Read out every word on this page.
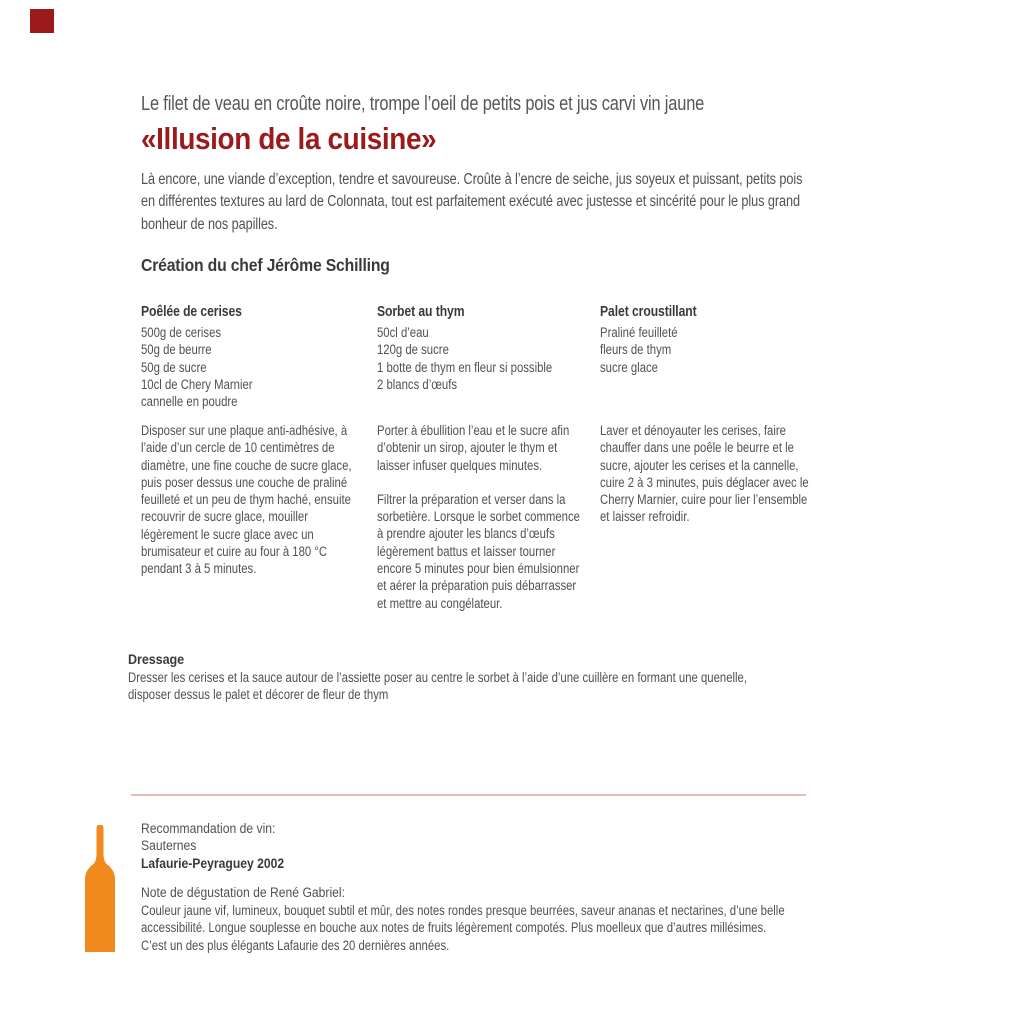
Le filet de veau en croûte noire, trompe l’oeil de petits pois et jus carvi vin jaune
«Illusion de la cuisine»
Là encore, une viande d’exception, tendre et savoureuse. Croûte à l’encre de seiche, jus soyeux et puissant, petits pois
en différentes textures au lard de Colonnata, tout est parfaitement exécuté avec justesse et sincérité pour le plus grand
bonheur de nos papilles.
Création du chef Jérôme Schilling
Poêlée de cerises
500g de cerises
50g de beurre
50g de sucre
10cl de Chery Marnier
cannelle en poudre
Sorbet au thym
50cl d’eau
120g de sucre
1 botte de thym en fleur si possible
2 blancs d’œufs
Palet croustillant
Praliné feuilleté
fleurs de thym
sucre glace

Disposer sur une plaque anti-adhésive, à l’aide d’un cercle de 10 centimètres de diamètre, une fine couche de sucre glace, puis poser dessus une couche de praliné feuilleté et un peu de thym haché, ensuite recouvrir de sucre glace, mouiller légèrement le sucre glace avec un brumisateur et cuire au four à 180 °C pendant 3 à 5 minutes.

Porter à ébullition l’eau et le sucre afin d’obtenir un sirop, ajouter le thym et laisser infuser quelques minutes.

Filtrer la préparation et verser dans la sorbetière. Lorsque le sorbet commence à prendre ajouter les blancs d’œufs légèrement battus et laisser tourner encore 5 minutes pour bien émulsionner et aérer la préparation puis débarrasser et mettre au congélateur.

Laver et dénoyauter les cerises, faire chauffer dans une poêle le beurre et le sucre, ajouter les cerises et la cannelle, cuire 2 à 3 minutes, puis déglacer avec le Cherry Marnier, cuire pour lier l’ensemble et laisser refroidir.

Dressage
Dresser les cerises et la sauce autour de l’assiette poser au centre le sorbet à l’aide d’une cuillère en formant une quenelle,
disposer dessus le palet et décorer de fleur de thym
Recommandation de vin:
Sauternes
Lafaurie-Peyraguey 2002
Note de dégustation de René Gabriel:
Couleur jaune vif, lumineux, bouquet subtil et mûr, des notes rondes presque beurrées, saveur ananas et nectarines, d’une belle
accessibilité. Longue souplesse en bouche aux notes de fruits légèrement compotés. Plus moelleux que d’autres millésimes.
C’est un des plus élégants Lafaurie des 20 dernières années.
